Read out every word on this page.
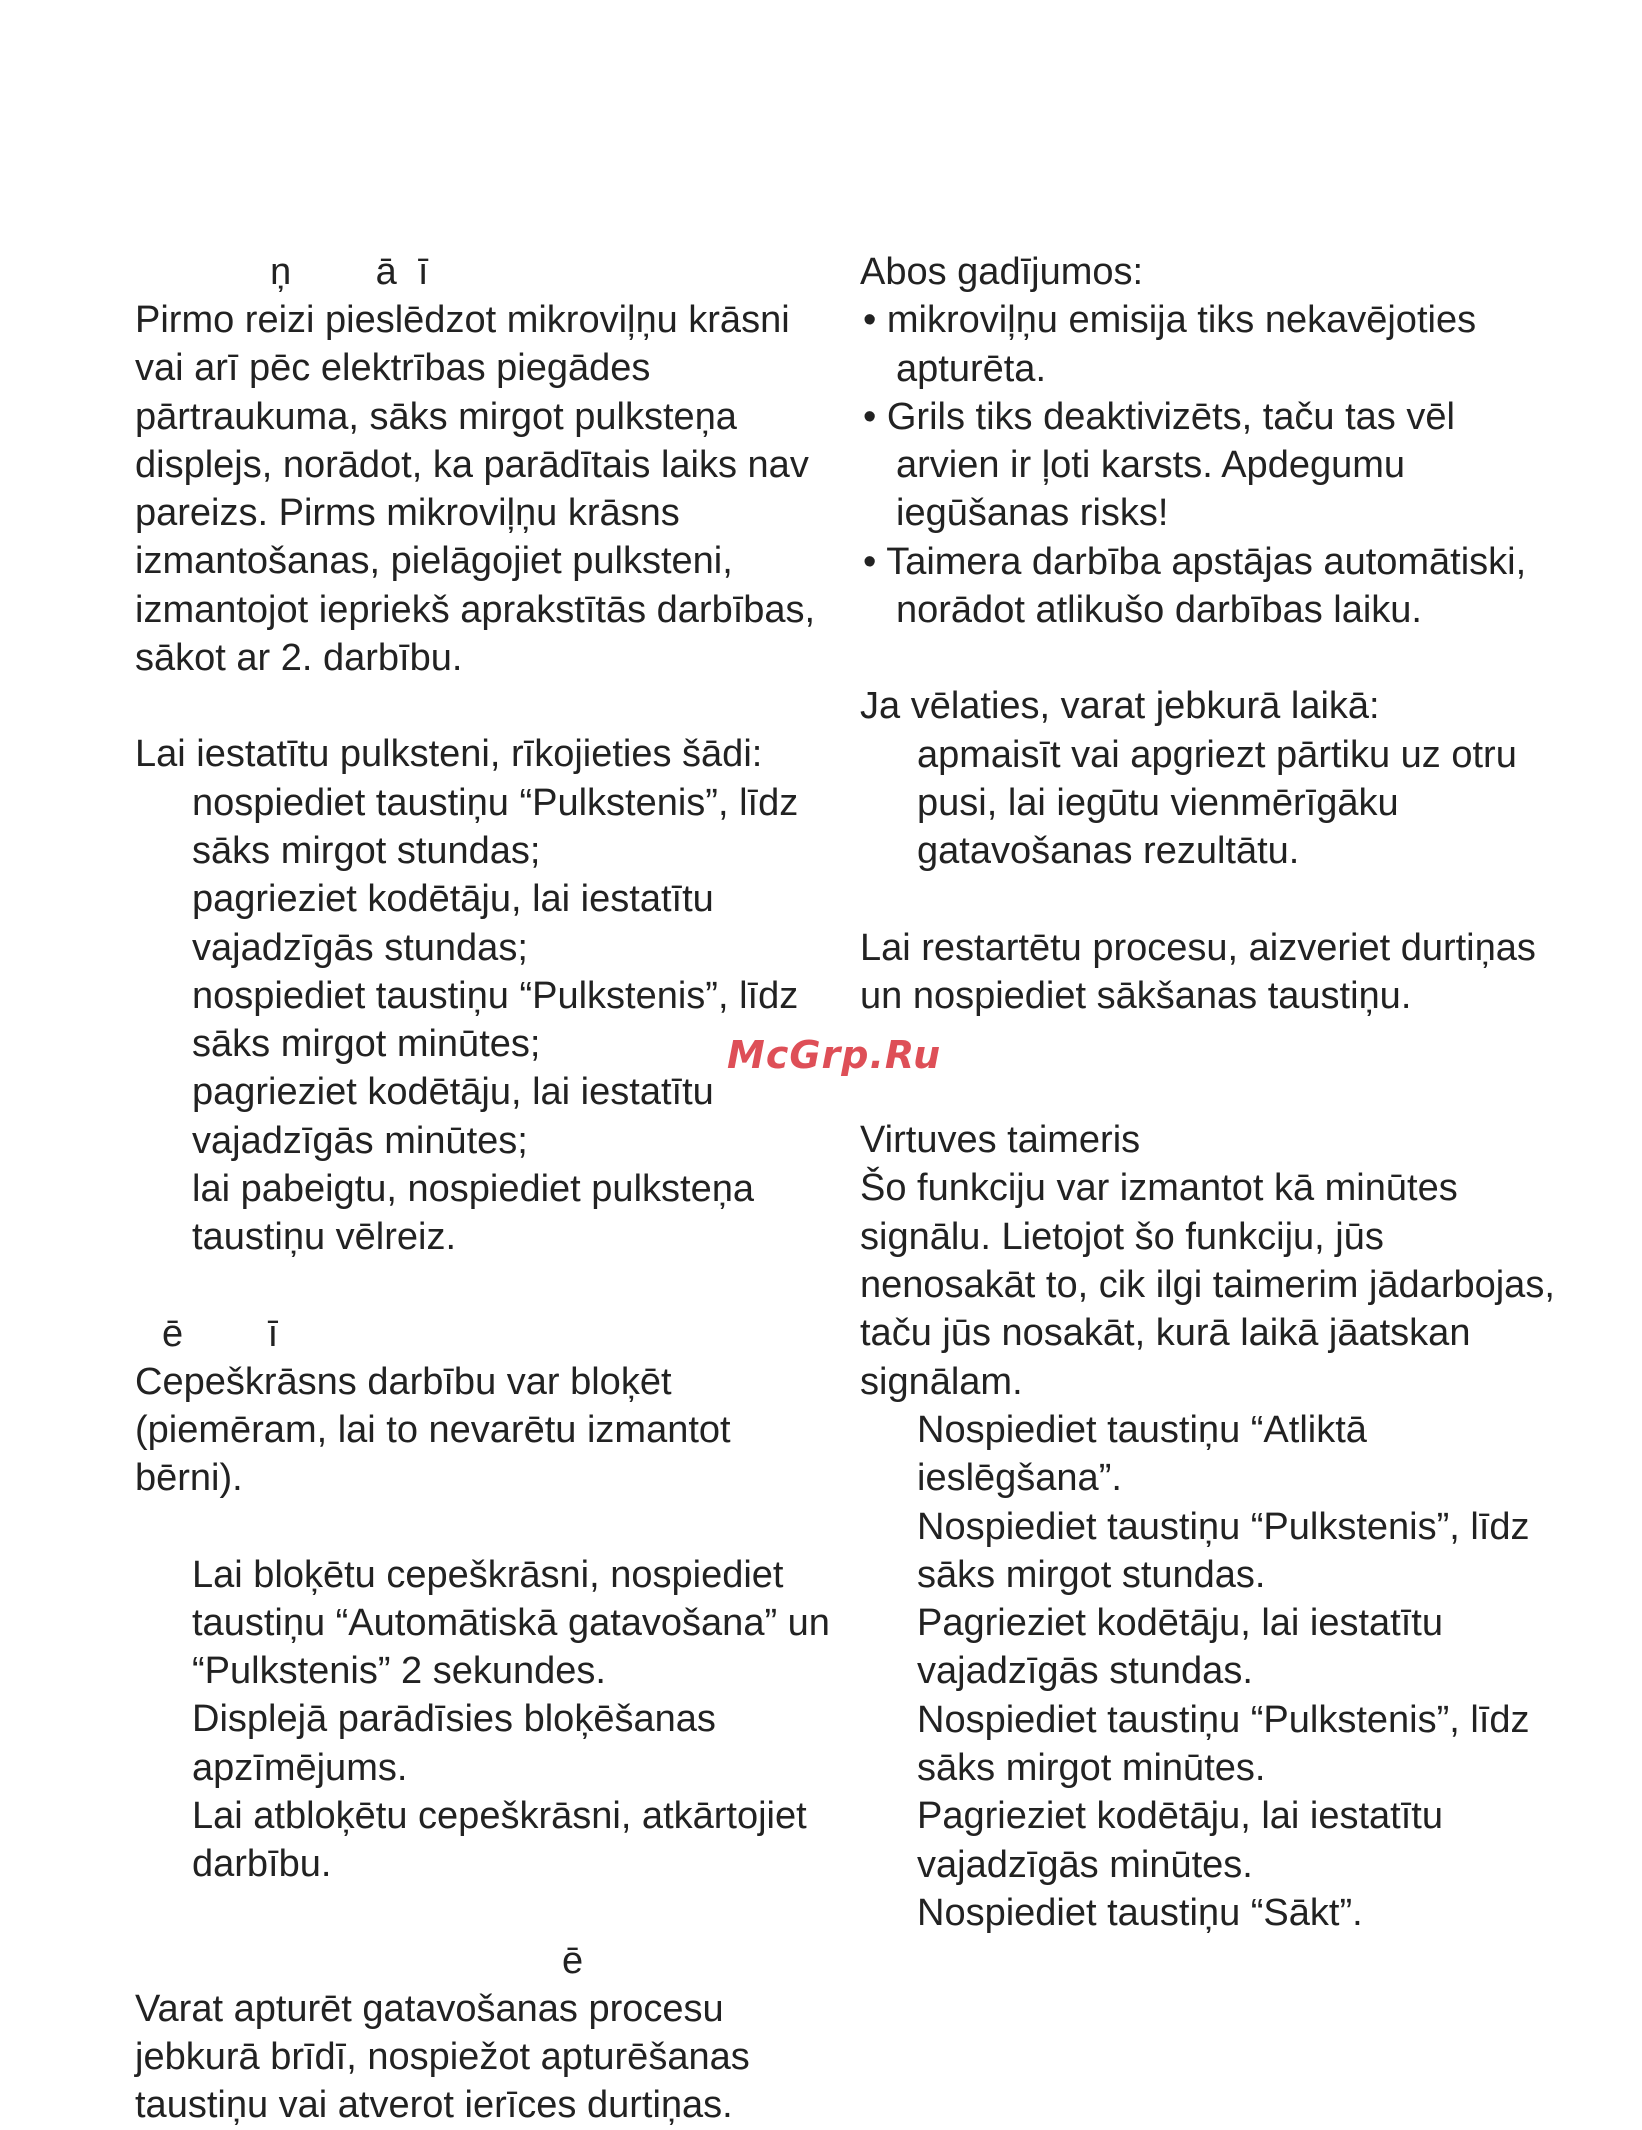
ņ        ā  ī

Pirmo reizi pieslēdzot mikroviļņu krāsni vai arī pēc elektrības piegādes pārtraukuma, sāks mirgot pulksteņa displejs, norādot, ka parādītais laiks nav pareizs. Pirms mikroviļņu krāsns izmantošanas, pielāgojiet pulksteni, izmantojot iepriekš aprakstītās darbības, sākot ar 2. darbību.

Lai iestatītu pulksteni, rīkojieties šādi:

nospiediet taustiņu “Pulkstenis”, līdz sāks mirgot stundas;

pagrieziet kodētāju, lai iestatītu vajadzīgās stundas;

nospiediet taustiņu “Pulkstenis”, līdz sāks mirgot minūtes;

pagrieziet kodētāju, lai iestatītu vajadzīgās minūtes;

lai pabeigtu, nospiediet pulksteņa taustiņu vēlreiz.

ē        ī

Cepeškrāsns darbību var bloķēt (piemēram, lai to nevarētu izmantot bērni).

Lai bloķētu cepeškrāsni, nospiediet taustiņu “Automātiskā gatavošana” un “Pulkstenis” 2 sekundes.

Displejā parādīsies bloķēšanas apzīmējums.

Lai atbloķētu cepeškrāsni, atkārtojiet darbību.

ē

Varat apturēt gatavošanas procesu jebkurā brīdī, nospiežot apturēšanas taustiņu vai atverot ierīces durtiņas.

Abos gadījumos:

• mikroviļņu emisija tiks nekavējoties apturēta.

• Grils tiks deaktivizēts, taču tas vēl arvien ir ļoti karsts. Apdegumu iegūšanas risks!

• Taimera darbība apstājas automātiski, norādot atlikušo darbības laiku.

Ja vēlaties, varat jebkurā laikā:

apmaisīt vai apgriezt pārtiku uz otru pusi, lai iegūtu vienmērīgāku gatavošanas rezultātu.

Lai restartētu procesu, aizveriet durtiņas un nospiediet sākšanas taustiņu.

Virtuves taimeris

Šo funkciju var izmantot kā minūtes signālu. Lietojot šo funkciju, jūs nenosakāt to, cik ilgi taimerim jādarbojas, taču jūs nosakāt, kurā laikā jāatskan signālam.

Nospiediet taustiņu “Atliktā ieslēgšana”.

Nospiediet taustiņu “Pulkstenis”, līdz sāks mirgot stundas.

Pagrieziet kodētāju, lai iestatītu vajadzīgās stundas.

Nospiediet taustiņu “Pulkstenis”, līdz sāks mirgot minūtes.

Pagrieziet kodētāju, lai iestatītu vajadzīgās minūtes.

Nospiediet taustiņu “Sākt”.

McGrp.Ru
